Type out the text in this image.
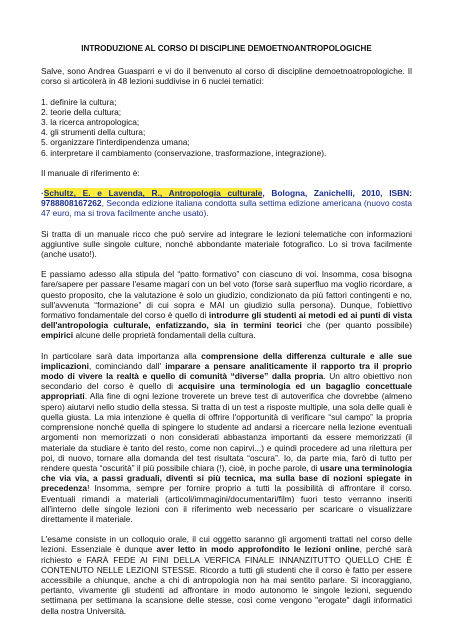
INTRODUZIONE AL CORSO DI DISCIPLINE DEMOETNOANTROPOLOGICHE

Salve, sono Andrea Guasparri e vi do il benvenuto al corso di discipline demoetnoatropologiche. Il corso si articolerà in 48 lezioni suddivise in 6 nuclei tematici:

1. definire la cultura;
2. teorie della cultura;
3. la ricerca antropologica;
4. gli strumenti della cultura;
5. organizzare l'interdipendenza umana;
6. interpretare il cambiamento (conservazione, trasformazione, integrazione).

Il manuale di riferimento è:

·Schultz, E. e Lavenda, R., Antropologia culturale, Bologna, Zanichelli, 2010, ISBN: 9788808167262, Seconda edizione italiana condotta sulla settima edizione americana (nuovo costa 47 euro, ma si trova facilmente anche usato).

Si tratta di un manuale ricco che può servire ad integrare le lezioni telematiche con informazioni aggiuntive sulle singole culture, nonché abbondante materiale fotografico. Lo si trova facilmente (anche usato!).

E passiamo adesso alla stipula del “patto formativo” con ciascuno di voi. Insomma, cosa bisogna fare/sapere per passare l'esame magari con un bel voto (forse sarà superfluo ma voglio ricordare, a questo proposito, che la valutazione è solo un giudizio, condizionato da più fattori contingenti e no, sull'avvenuta “formazione” di cui sopra e MAI un giudizio sulla persona). Dunque, l'obiettivo formativo fondamentale del corso è quello di introdurre gli studenti ai metodi ed ai punti di vista dell'antropologia culturale, enfatizzando, sia in termini teorici che (per quanto possibile) empirici alcune delle proprietà fondamentali della cultura.

In particolare sarà data importanza alla comprensione della differenza culturale e alle sue implicazioni, cominciando dall' imparare a pensare analiticamente il rapporto tra il proprio modo di vivere la realtà e quello di comunità “diverse” dalla propria. Un altro obiettivo non secondario del corso è quello di acquisire una terminologia ed un bagaglio concettuale appropriati. Alla fine di ogni lezione troverete un breve test di autoverifica che dovrebbe (almeno spero) aiutarvi nello studio della stessa. Si tratta di un test a risposte multiple, una sola delle quali è quella giusta. La mia intenzione è quella di offrire l'opportunità di verificare “sul campo” la propria comprensione nonché quella di spingere lo studente ad andarsi a ricercare nella lezione eventuali argomenti non memorizzati o non considerati abbastanza importanti da essere memorizzati (il materiale da studiare è tanto del resto, come non capirvi...) e quindi procedere ad una rilettura per poi, di nuovo, tornare alla domanda del test risultata “oscura”. Io, da parte mia, farò di tutto per rendere questa “oscurità” il più possibile chiara (!), cioè, in poche parole, di usare una terminologia che via via, a passi graduali, diventi si più tecnica, ma sulla base di nozioni spiegate in precedenza! Insomma, sempre per fornire proprio a tutti la possibilità di affrontare il corso. Eventuali rimandi a materiali (articoli/immagini/documentari/film) fuori testo verranno inseriti all'interno delle singole lezioni con il riferimento web necessario per scaricare o visualizzare direttamente il materiale.

L'esame consiste in un colloquio orale, il cui oggetto saranno gli argomenti trattati nel corso delle lezioni. Essenziale è dunque aver letto in modo approfondito le lezioni online, perché sarà richiesto e FARÀ FEDE AI FINI DELLA VERFICA FINALE INNANZITUTTO QUELLO CHE È CONTENUTO NELLE LEZIONI STESSE. Ricordo a tutti gli studenti che il corso è fatto per essere accessibile a chiunque, anche a chi di antropologia non ha mai sentito parlare. Si incoraggiano, pertanto, vivamente gli studenti ad affrontare in modo autonomo le singole lezioni, seguendo settimana per settimana la scansione delle stesse, così come vengono "erogate" dagli informatici della nostra Università.
